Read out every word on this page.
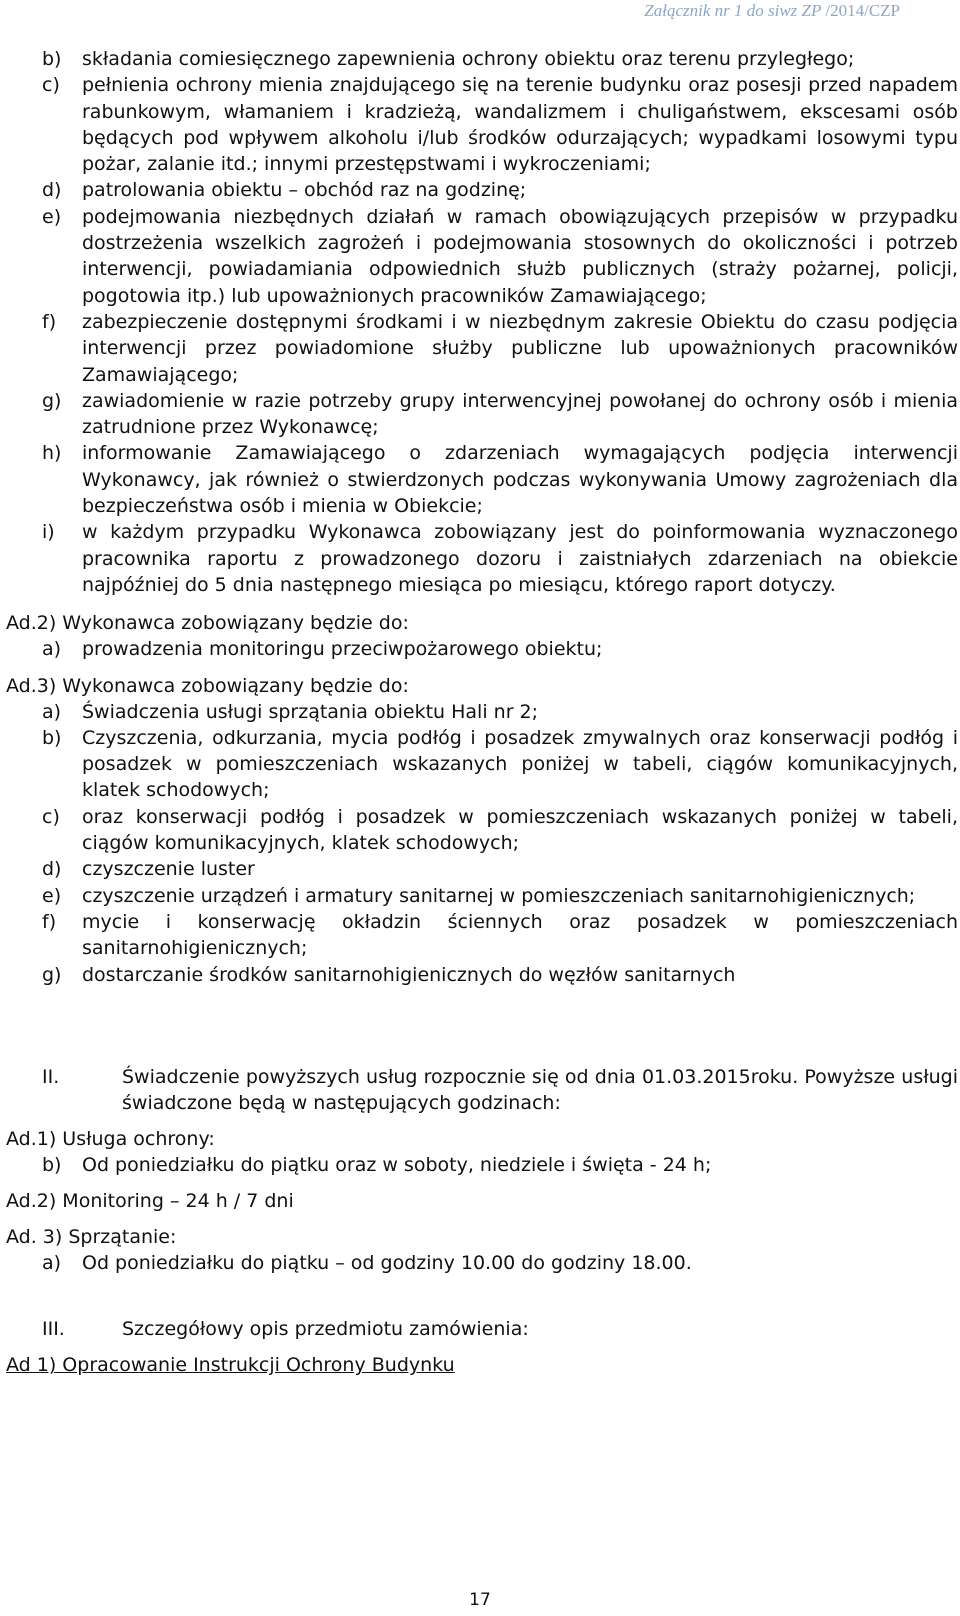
Załącznik nr 1 do siwz ZP /2014/CZP
b) składania comiesięcznego zapewnienia ochrony obiektu oraz terenu przyległego;
c) pełnienia ochrony mienia znajdującego się na terenie budynku oraz posesji przed napadem rabunkowym, włamaniem i kradzieżą, wandalizmem i chuligaństwem, ekscesami osób będących pod wpływem alkoholu i/lub środków odurzających; wypadkami losowymi typu pożar, zalanie itd.; innymi przestępstwami i wykroczeniami;
d) patrolowania obiektu – obchód raz na godzinę;
e) podejmowania niezbędnych działań w ramach obowiązujących przepisów w przypadku dostrzeżenia wszelkich zagrożeń i podejmowania stosownych do okoliczności i potrzeb interwencji, powiadamiania odpowiednich służb publicznych (straży pożarnej, policji, pogotowia itp.) lub upoważnionych pracowników Zamawiającego;
f) zabezpieczenie dostępnymi środkami i w niezbędnym zakresie Obiektu do czasu podjęcia interwencji przez powiadomione służby publiczne lub upoważnionych pracowników Zamawiającego;
g) zawiadomienie w razie potrzeby grupy interwencyjnej powołanej do ochrony osób i mienia zatrudnione przez Wykonawcę;
h) informowanie Zamawiającego o zdarzeniach wymagających podjęcia interwencji Wykonawcy, jak również o stwierdzonych podczas wykonywania Umowy zagrożeniach dla bezpieczeństwa osób i mienia w Obiekcie;
i) w każdym przypadku Wykonawca zobowiązany jest do poinformowania wyznaczonego pracownika raportu z prowadzonego dozoru i zaistniałych zdarzeniach na obiekcie najpóźniej do 5 dnia następnego miesiąca po miesiącu, którego raport dotyczy.
Ad.2) Wykonawca zobowiązany będzie do:
a) prowadzenia monitoringu przeciwpożarowego obiektu;
Ad.3) Wykonawca zobowiązany będzie do:
a) Świadczenia usługi sprzątania obiektu Hali nr 2;
b) Czyszczenia, odkurzania, mycia podłóg i posadzek zmywalnych oraz konserwacji podłóg i posadzek w pomieszczeniach wskazanych poniżej w tabeli, ciągów komunikacyjnych, klatek schodowych;
c) oraz konserwacji podłóg i posadzek w pomieszczeniach wskazanych poniżej w tabeli, ciągów komunikacyjnych, klatek schodowych;
d) czyszczenie luster
e) czyszczenie urządzeń i armatury sanitarnej w pomieszczeniach sanitarnohigienicznych;
f) mycie i konserwację okładzin ściennych oraz posadzek w pomieszczeniach sanitarnohigienicznych;
g) dostarczanie środków sanitarnohigienicznych do węzłów sanitarnych
II.	Świadczenie powyższych usług rozpocznie się od dnia 01.03.2015roku. Powyższe usługi świadczone będą w następujących godzinach:
Ad.1) Usługa ochrony:
b) Od poniedziałku do piątku oraz w soboty, niedziele i święta - 24 h;
Ad.2) Monitoring – 24 h / 7 dni
Ad. 3) Sprzątanie:
a) Od poniedziałku do piątku – od godziny 10.00 do godziny 18.00.
III.	Szczegółowy opis przedmiotu zamówienia:
Ad 1) Opracowanie Instrukcji Ochrony Budynku
17
